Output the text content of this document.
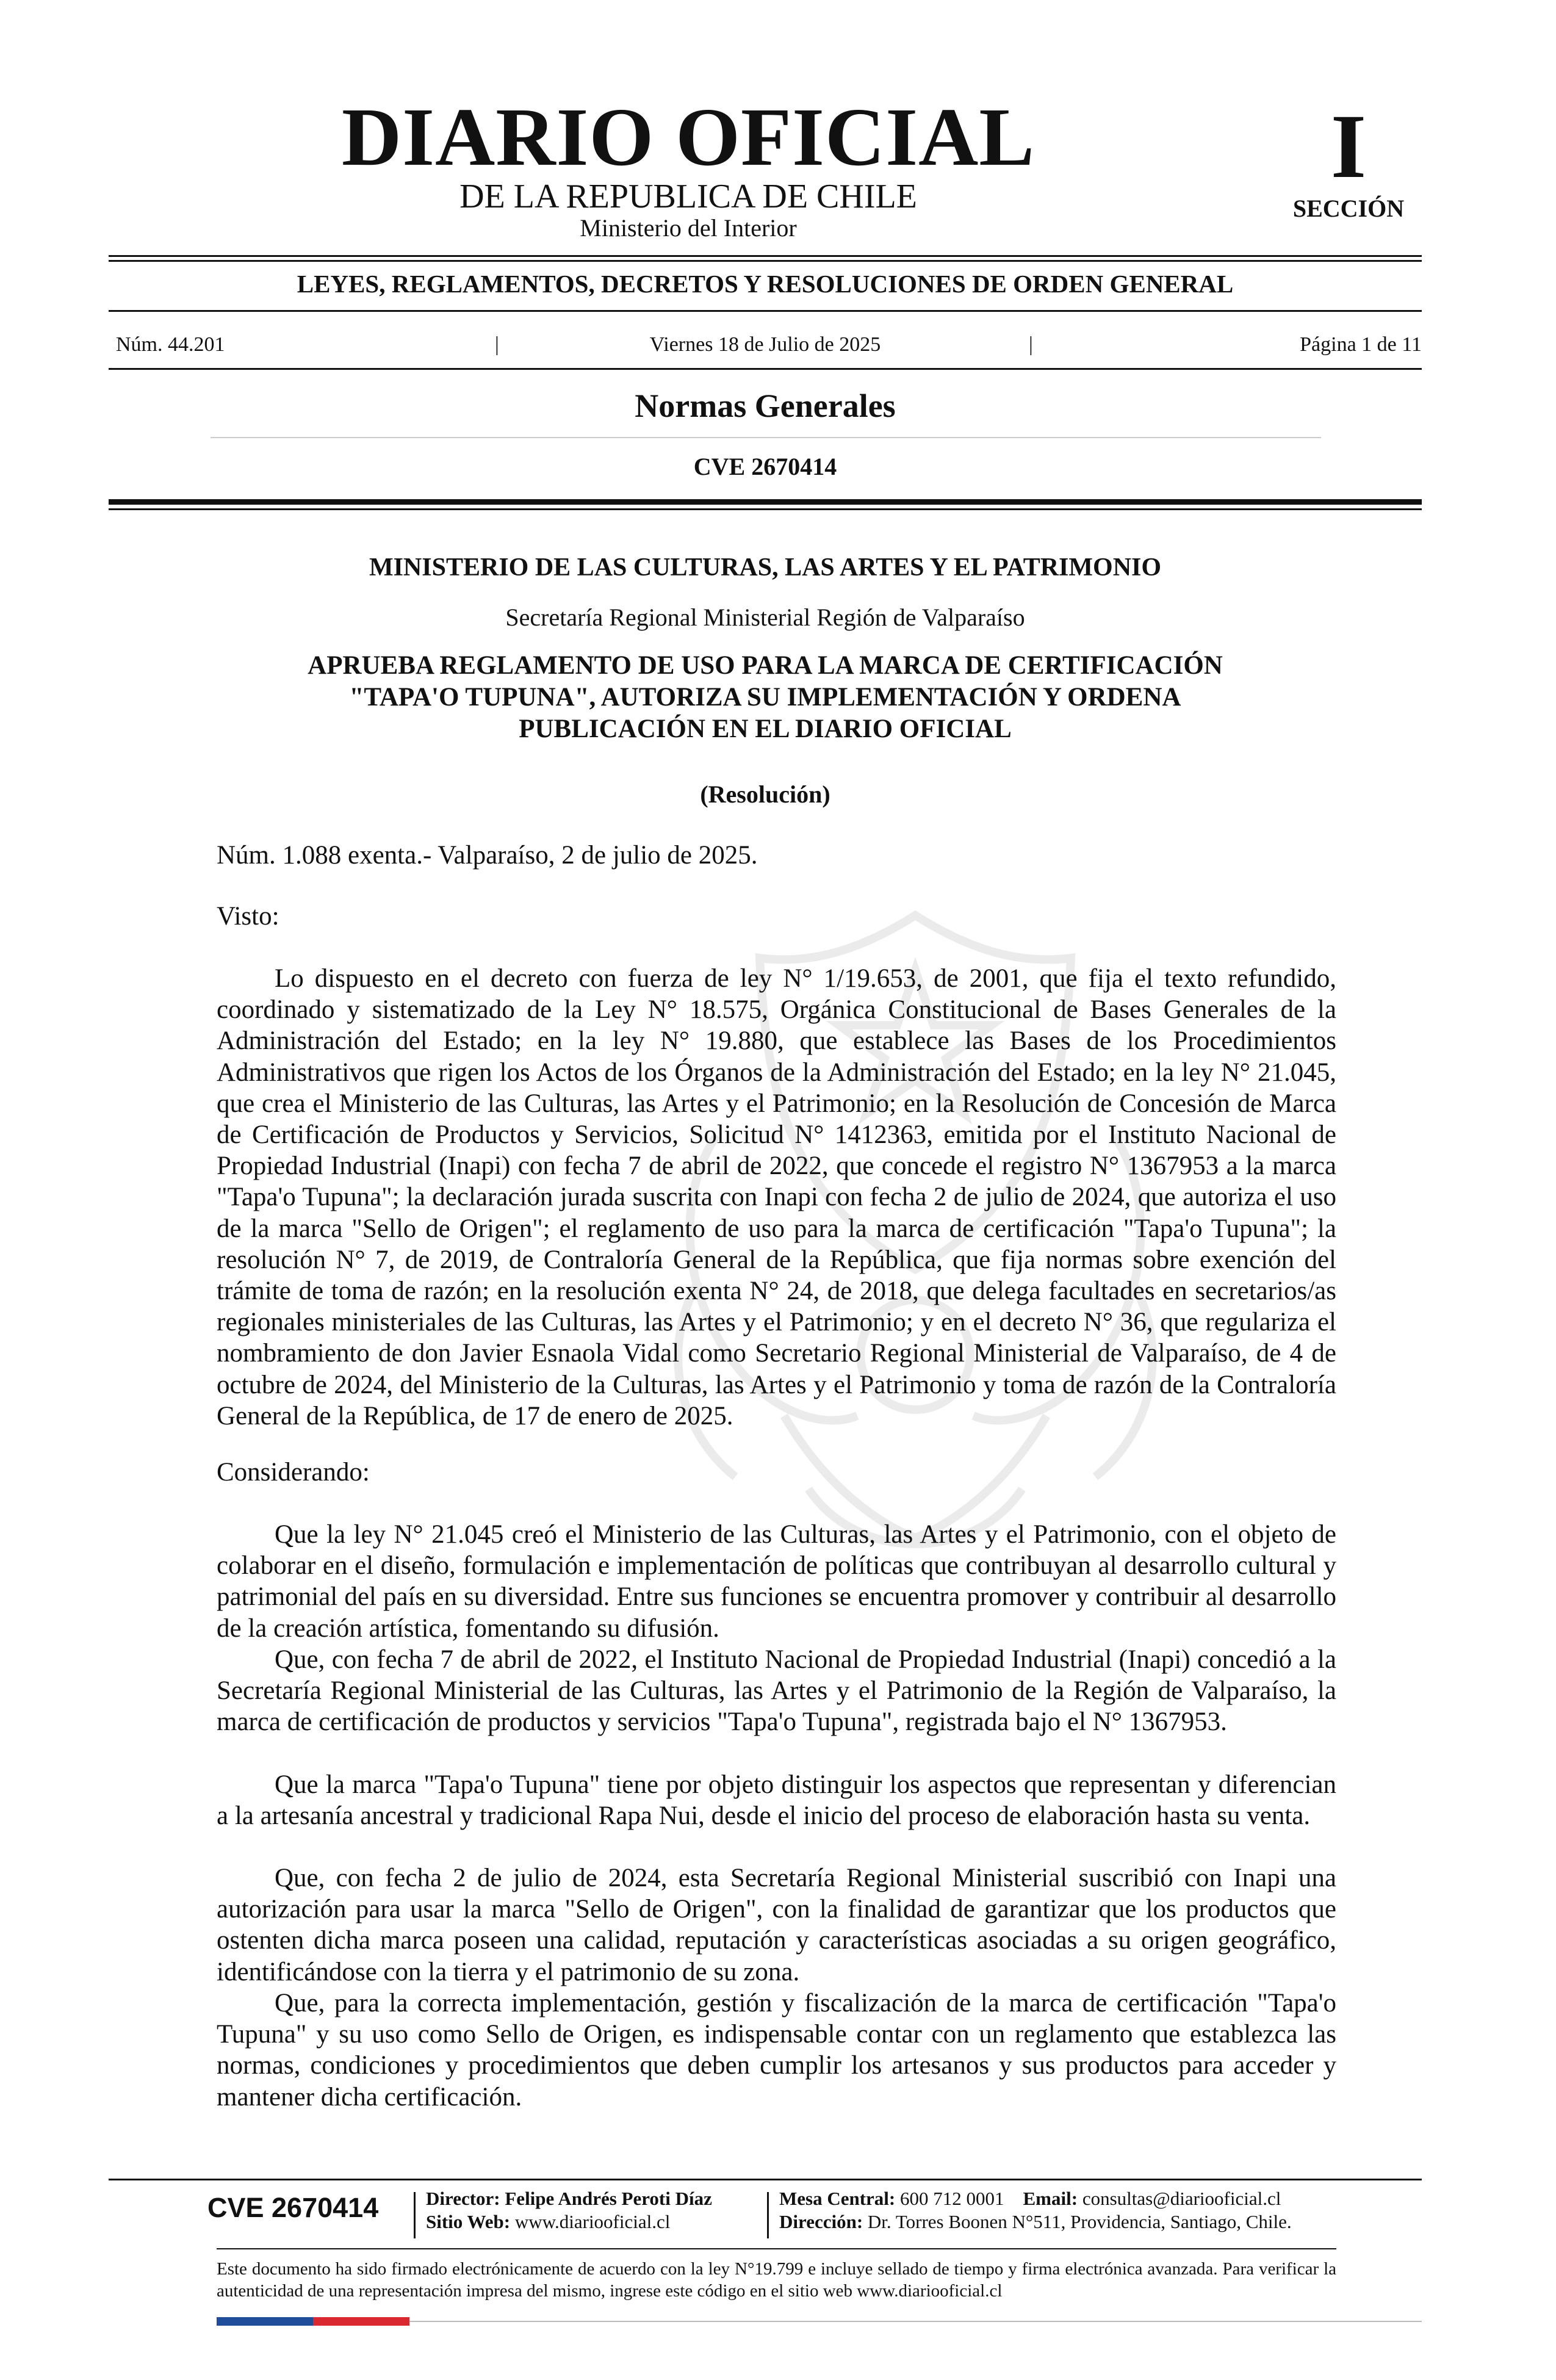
DIARIO OFICIAL
DE LA REPUBLICA DE CHILE
Ministerio del Interior
I
SECCIÓN
LEYES, REGLAMENTOS, DECRETOS Y RESOLUCIONES DE ORDEN GENERAL
Núm. 44.201	|	Viernes 18 de Julio de 2025	|	Página 1 de 11
Normas Generales
CVE 2670414
MINISTERIO DE LAS CULTURAS, LAS ARTES Y EL PATRIMONIO
Secretaría Regional Ministerial Región de Valparaíso
APRUEBA REGLAMENTO DE USO PARA LA MARCA DE CERTIFICACIÓN
"TAPA'O TUPUNA", AUTORIZA SU IMPLEMENTACIÓN Y ORDENA
PUBLICACIÓN EN EL DIARIO OFICIAL
(Resolución)
Núm. 1.088 exenta.- Valparaíso, 2 de julio de 2025.
Visto:
Lo dispuesto en el decreto con fuerza de ley N° 1/19.653, de 2001, que fija el texto refundido, coordinado y sistematizado de la Ley N° 18.575, Orgánica Constitucional de Bases Generales de la Administración del Estado; en la ley N° 19.880, que establece las Bases de los Procedimientos Administrativos que rigen los Actos de los Órganos de la Administración del Estado; en la ley N° 21.045, que crea el Ministerio de las Culturas, las Artes y el Patrimonio; en la Resolución de Concesión de Marca de Certificación de Productos y Servicios, Solicitud N° 1412363, emitida por el Instituto Nacional de Propiedad Industrial (Inapi) con fecha 7 de abril de 2022, que concede el registro N° 1367953 a la marca "Tapa'o Tupuna"; la declaración jurada suscrita con Inapi con fecha 2 de julio de 2024, que autoriza el uso de la marca "Sello de Origen"; el reglamento de uso para la marca de certificación "Tapa'o Tupuna"; la resolución N° 7, de 2019, de Contraloría General de la República, que fija normas sobre exención del trámite de toma de razón; en la resolución exenta N° 24, de 2018, que delega facultades en secretarios/as regionales ministeriales de las Culturas, las Artes y el Patrimonio; y en el decreto N° 36, que regulariza el nombramiento de don Javier Esnaola Vidal como Secretario Regional Ministerial de Valparaíso, de 4 de octubre de 2024, del Ministerio de la Culturas, las Artes y el Patrimonio y toma de razón de la Contraloría General de la República, de 17 de enero de 2025.
Considerando:
Que la ley N° 21.045 creó el Ministerio de las Culturas, las Artes y el Patrimonio, con el objeto de colaborar en el diseño, formulación e implementación de políticas que contribuyan al desarrollo cultural y patrimonial del país en su diversidad. Entre sus funciones se encuentra promover y contribuir al desarrollo de la creación artística, fomentando su difusión.
Que, con fecha 7 de abril de 2022, el Instituto Nacional de Propiedad Industrial (Inapi) concedió a la Secretaría Regional Ministerial de las Culturas, las Artes y el Patrimonio de la Región de Valparaíso, la marca de certificación de productos y servicios "Tapa'o Tupuna", registrada bajo el N° 1367953.
Que la marca "Tapa'o Tupuna" tiene por objeto distinguir los aspectos que representan y diferencian a la artesanía ancestral y tradicional Rapa Nui, desde el inicio del proceso de elaboración hasta su venta.
Que, con fecha 2 de julio de 2024, esta Secretaría Regional Ministerial suscribió con Inapi una autorización para usar la marca "Sello de Origen", con la finalidad de garantizar que los productos que ostenten dicha marca poseen una calidad, reputación y características asociadas a su origen geográfico, identificándose con la tierra y el patrimonio de su zona.
Que, para la correcta implementación, gestión y fiscalización de la marca de certificación "Tapa'o Tupuna" y su uso como Sello de Origen, es indispensable contar con un reglamento que establezca las normas, condiciones y procedimientos que deben cumplir los artesanos y sus productos para acceder y mantener dicha certificación.
CVE 2670414	Director: Felipe Andrés Peroti Díaz
Sitio Web: www.diariooficial.cl
Mesa Central: 600 712 0001 Email: consultas@diariooficial.cl
Dirección: Dr. Torres Boonen N°511, Providencia, Santiago, Chile.
Este documento ha sido firmado electrónicamente de acuerdo con la ley N°19.799 e incluye sellado de tiempo y firma electrónica avanzada. Para verificar la autenticidad de una representación impresa del mismo, ingrese este código en el sitio web www.diariooficial.cl
